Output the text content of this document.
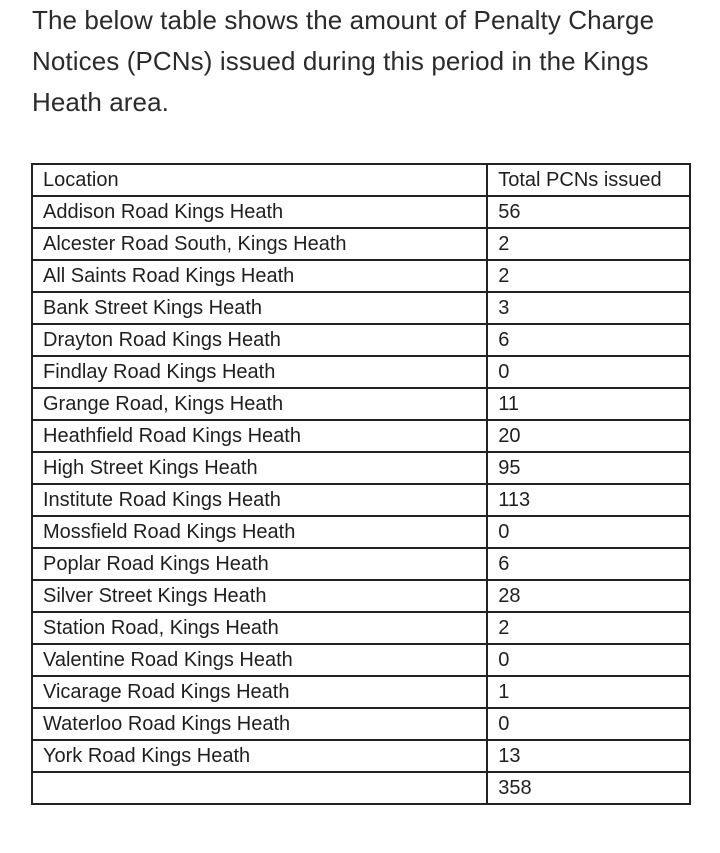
The below table shows the amount of Penalty Charge Notices (PCNs) issued during this period in the Kings Heath area.

Location	Total PCNs issued
Addison Road Kings Heath	56
Alcester Road South, Kings Heath	2
All Saints Road Kings Heath	2
Bank Street Kings Heath	3
Drayton Road Kings Heath	6
Findlay Road Kings Heath	0
Grange Road, Kings Heath	11
Heathfield Road Kings Heath	20
High Street Kings Heath	95
Institute Road Kings Heath	113
Mossfield Road Kings Heath	0
Poplar Road Kings Heath	6
Silver Street Kings Heath	28
Station Road, Kings Heath	2
Valentine Road Kings Heath	0
Vicarage Road Kings Heath	1
Waterloo Road Kings Heath	0
York Road Kings Heath	13
	358
